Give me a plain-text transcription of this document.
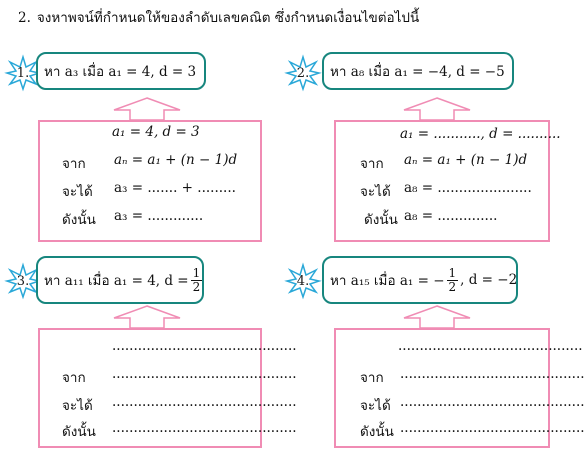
2. จงหาพจน์ที่กำหนดให้ของลำดับเลขคณิต ซึ่งกำหนดเงื่อนไขต่อไปนี้
1.	หา a₃ เมื่อ a₁ = 4, d = 3
a₁ = 4, d = 3
จาก aₙ = a₁ + (n − 1)d
จะได้ a₃ = ....... + .........
ดังนั้น a₃ = .............
2.	หา a₈ เมื่อ a₁ = −4, d = −5
a₁ = ..........., d = ..........
จาก aₙ = a₁ + (n − 1)d
จะได้ a₈ = ......................
ดังนั้น a₈ = ..............
3.	หา a₁₁ เมื่อ a₁ = 4, $d = \frac{1}{2}$
...........................................
จาก ...........................................
จะได้ ...........................................
ดังนั้น ...........................................
4.	หา a₁₅ เมื่อ a₁ = − $\frac{1}{2}$ , d = −2
...........................................
จาก ...........................................
จะได้ ...........................................
ดังนั้น ...........................................
